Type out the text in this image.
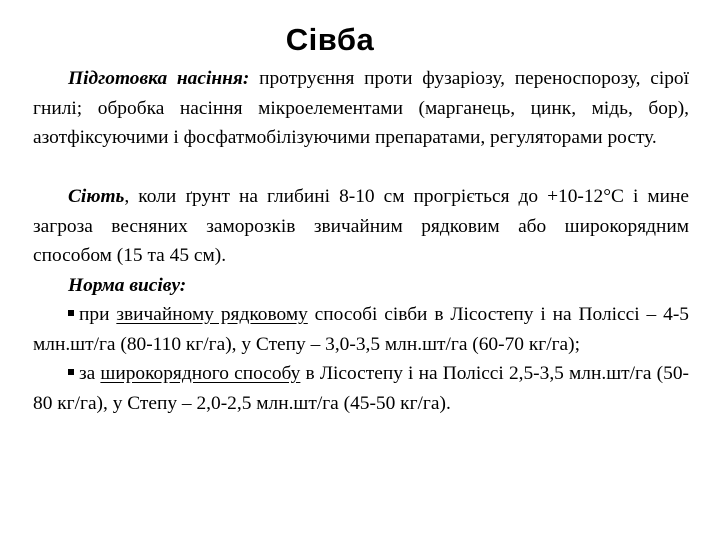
Сівба

Підготовка насіння: протруєння проти фузаріозу, переноспорозу, сірої гнилі; обробка насіння мікроелементами (марганець, цинк, мідь, бор), азотфіксуючими і фосфатмобілізуючими препаратами, регуляторами росту.

Сіють, коли ґрунт на глибині 8-10 см прогріється до +10-12°С і мине загроза весняних заморозків звичайним рядковим або широкорядним способом (15 та 45 см).

Норма висіву:

при звичайному рядковому способі сівби в Лісостепу і на Поліссі – 4-5 млн.шт/га (80-110 кг/га), у Степу – 3,0-3,5 млн.шт/га (60-70 кг/га);

за широкорядного способу в Лісостепу і на Поліссі 2,5-3,5 млн.шт/га (50-80 кг/га), у Степу – 2,0-2,5 млн.шт/га (45-50 кг/га).
